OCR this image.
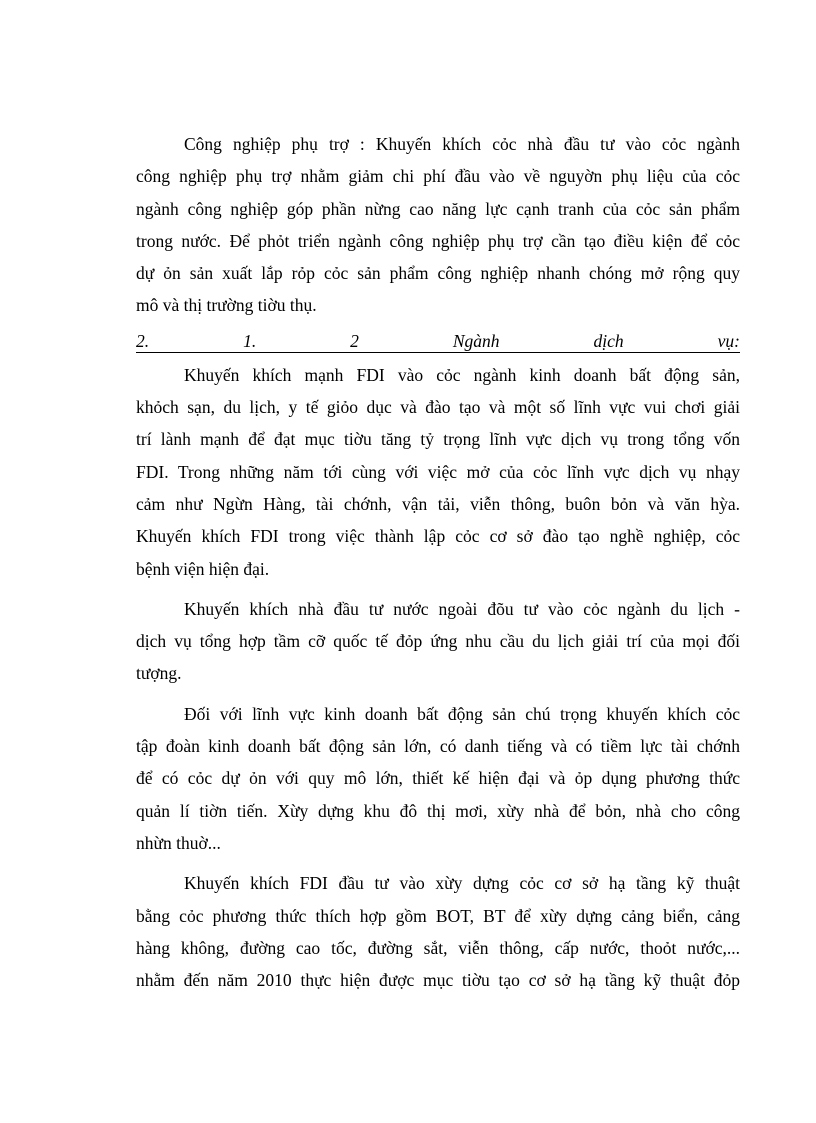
Công nghiệp phụ trợ : Khuyến khích cỏc nhà đầu tư vào cỏc ngành
công nghiệp phụ trợ nhằm giảm chi phí đầu vào về nguyờn phụ liệu của cỏc
ngành công nghiệp góp phần nừng cao năng lực cạnh tranh của cỏc sản phẩm
trong nước. Để phỏt triển ngành công nghiệp phụ trợ cần tạo điều kiện để cỏc
dự ỏn sản xuất lắp rỏp cỏc sản phẩm công nghiệp nhanh chóng mở rộng quy
mô và thị trường tiờu thụ.
2.	1.	2	Ngành	dịch	vụ:
Khuyến khích mạnh FDI vào cỏc ngành kinh doanh bất động sản,
khỏch sạn, du lịch, y tế giỏo dục và đào tạo và một số lĩnh vực vui chơi giải
trí lành mạnh để đạt mục tiờu tăng tỷ trọng lĩnh vực dịch vụ trong tổng vốn
FDI. Trong những năm tới cùng với việc mở của cỏc lĩnh vực dịch vụ nhạy
cảm như Ngừn Hàng, tài chớnh, vận tải, viễn thông, buôn bỏn và văn hỳa.
Khuyến khích FDI trong việc thành lập cỏc cơ sở đào tạo nghề nghiệp, cỏc
bệnh viện hiện đại.
Khuyến khích nhà đầu tư nước ngoài đõu tư vào cỏc ngành du lịch -
dịch vụ tổng hợp tầm cỡ quốc tế đỏp ứng nhu cầu du lịch giải trí của mọi đối
tượng.
Đối với lĩnh vực kinh doanh bất động sản chú trọng khuyến khích cỏc
tập đoàn kinh doanh bất động sản lớn, có danh tiếng và có tiềm lực tài chớnh
để có cỏc dự ỏn với quy mô lớn, thiết kế hiện đại và ỏp dụng phương thức
quản lí tiờn tiến. Xừy dựng khu đô thị mơi, xừy nhà để bỏn, nhà cho công
nhừn thuờ...
Khuyến khích FDI đầu tư vào xừy dựng cỏc cơ sở hạ tầng kỹ thuật
bằng cỏc phương thức thích hợp gồm BOT, BT để xừy dựng cảng biển, cảng
hàng không, đường cao tốc, đường sắt, viễn thông, cấp nước, thoỏt nước,...
nhằm đến năm 2010 thực hiện được mục tiờu tạo cơ sở hạ tầng kỹ thuật đỏp
